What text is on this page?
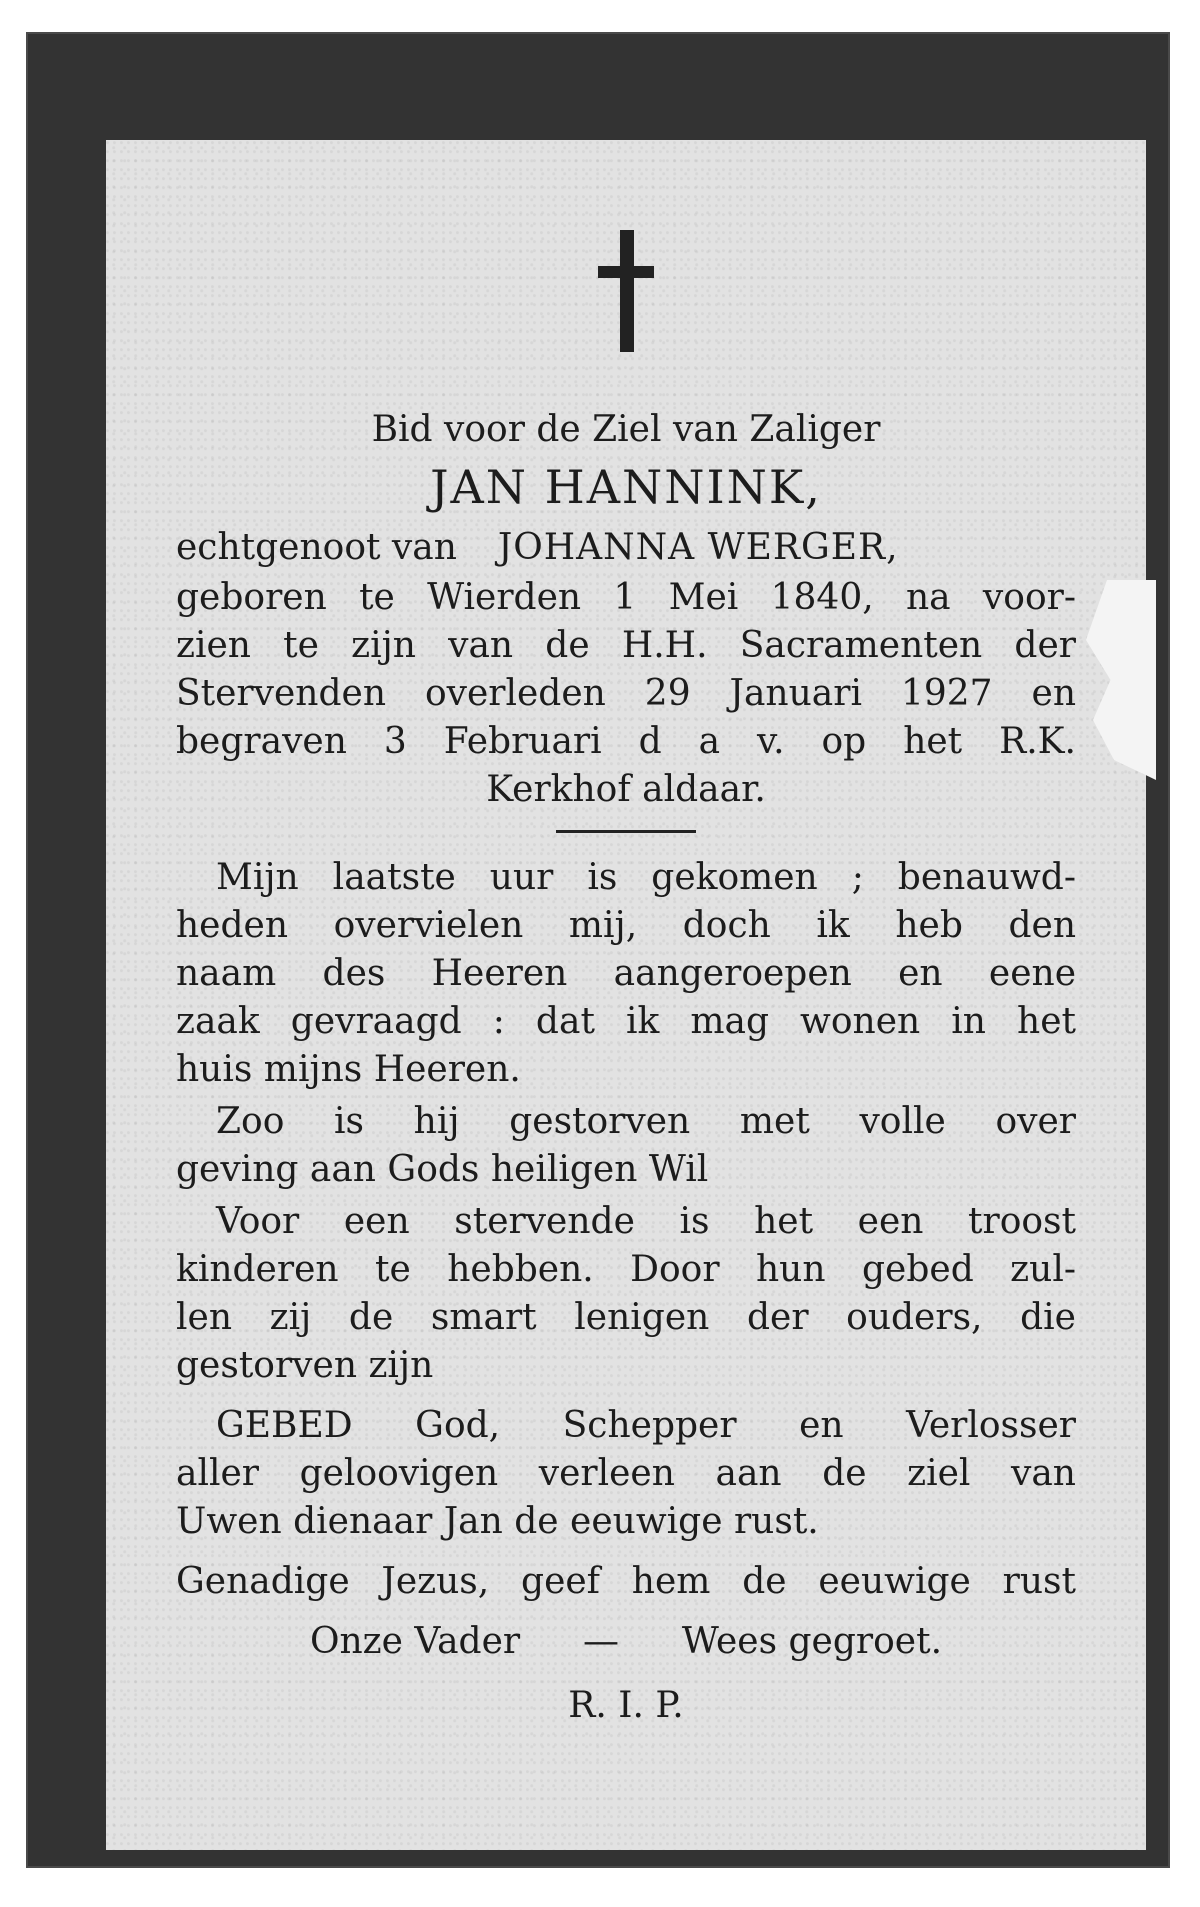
Bid voor de Ziel van Zaliger
JAN HANNINK,
echtgenoot van JOHANNA WERGER,
geboren te Wierden 1 Mei 1840, na voor-
zien te zijn van de H.H. Sacramenten der
Stervenden overleden 29 Januari 1927 en
begraven 3 Februari d a v. op het R.K.
Kerkhof aldaar.
Mijn laatste uur is gekomen ; benauwd-
heden overvielen mij, doch ik heb den
naam des Heeren aangeroepen en eene
zaak gevraagd : dat ik mag wonen in het
huis mijns Heeren.
Zoo is hij gestorven met volle over
geving aan Gods heiligen Wil
Voor een stervende is het een troost
kinderen te hebben. Door hun gebed zul-
len zij de smart lenigen der ouders, die
gestorven zijn
GEBED God, Schepper en Verlosser
aller geloovigen verleen aan de ziel van
Uwen dienaar Jan de eeuwige rust.
Genadige Jezus, geef hem de eeuwige rust
Onze Vader — Wees gegroet.
R. I. P.
